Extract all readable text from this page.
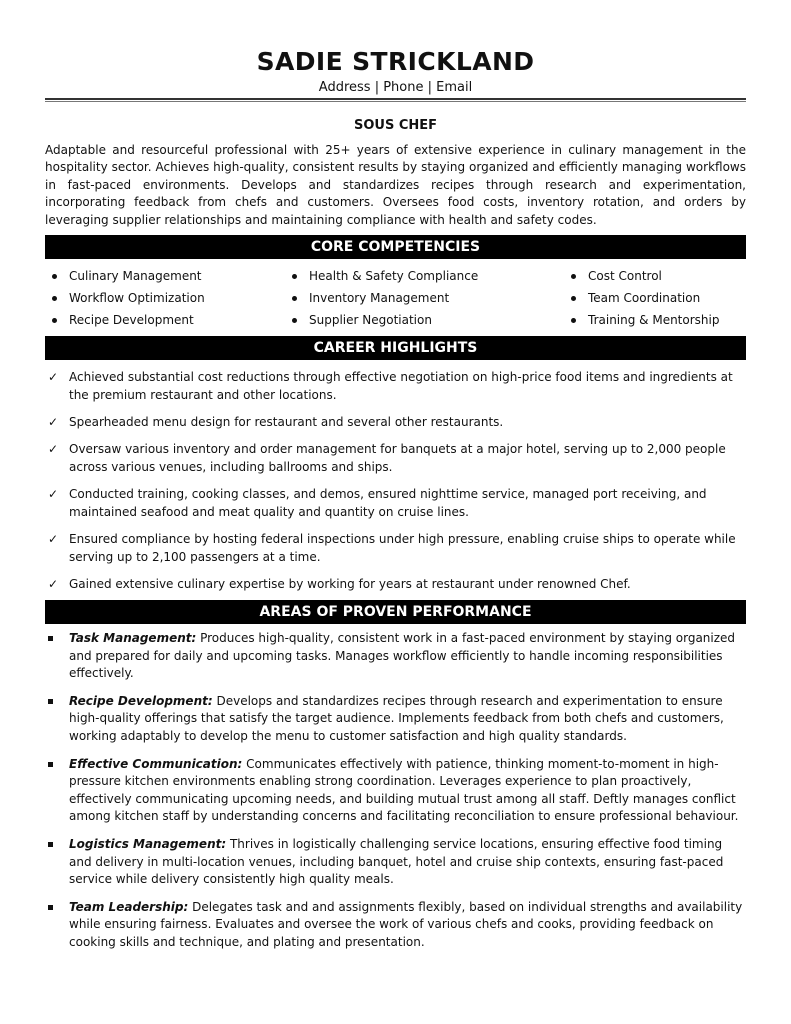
SADIE STRICKLAND
Address | Phone | Email
SOUS CHEF
Adaptable and resourceful professional with 25+ years of extensive experience in culinary management in the hospitality sector. Achieves high-quality, consistent results by staying organized and efficiently managing workflows in fast-paced environments. Develops and standardizes recipes through research and experimentation, incorporating feedback from chefs and customers. Oversees food costs, inventory rotation, and orders by leveraging supplier relationships and maintaining compliance with health and safety codes.
CORE COMPETENCIES
Culinary Management
Workflow Optimization
Recipe Development
Health & Safety Compliance
Inventory Management
Supplier Negotiation
Cost Control
Team Coordination
Training & Mentorship
CAREER HIGHLIGHTS
✓ Achieved substantial cost reductions through effective negotiation on high-price food items and ingredients at the premium restaurant and other locations.
✓ Spearheaded menu design for restaurant and several other restaurants.
✓ Oversaw various inventory and order management for banquets at a major hotel, serving up to 2,000 people across various venues, including ballrooms and ships.
✓ Conducted training, cooking classes, and demos, ensured nighttime service, managed port receiving, and maintained seafood and meat quality and quantity on cruise lines.
✓ Ensured compliance by hosting federal inspections under high pressure, enabling cruise ships to operate while serving up to 2,100 passengers at a time.
✓ Gained extensive culinary expertise by working for years at restaurant under renowned Chef.
AREAS OF PROVEN PERFORMANCE
Task Management: Produces high-quality, consistent work in a fast-paced environment by staying organized and prepared for daily and upcoming tasks. Manages workflow efficiently to handle incoming responsibilities effectively.
Recipe Development: Develops and standardizes recipes through research and experimentation to ensure high-quality offerings that satisfy the target audience. Implements feedback from both chefs and customers, working adaptably to develop the menu to customer satisfaction and high quality standards.
Effective Communication: Communicates effectively with patience, thinking moment-to-moment in high-pressure kitchen environments enabling strong coordination. Leverages experience to plan proactively, effectively communicating upcoming needs, and building mutual trust among all staff. Deftly manages conflict among kitchen staff by understanding concerns and facilitating reconciliation to ensure professional behaviour.
Logistics Management: Thrives in logistically challenging service locations, ensuring effective food timing and delivery in multi-location venues, including banquet, hotel and cruise ship contexts, ensuring fast-paced service while delivery consistently high quality meals.
Team Leadership: Delegates task and and assignments flexibly, based on individual strengths and availability while ensuring fairness. Evaluates and oversee the work of various chefs and cooks, providing feedback on cooking skills and technique, and plating and presentation.
